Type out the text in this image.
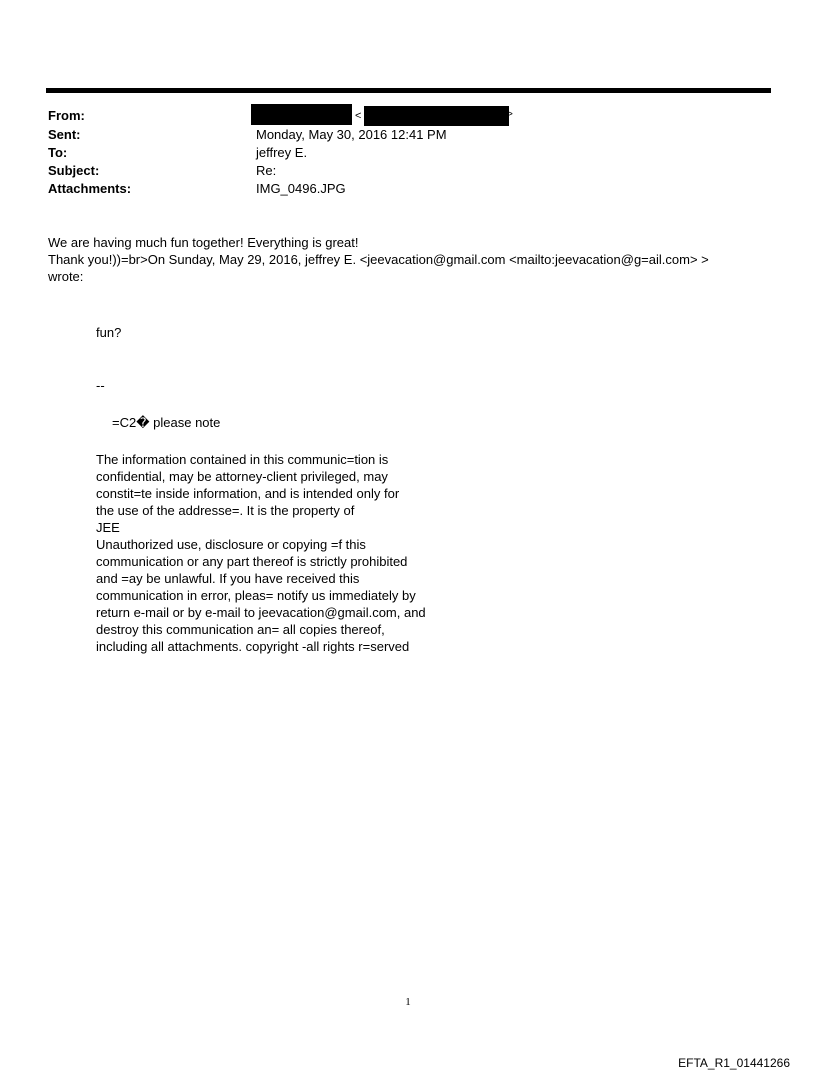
From:	<	>
Sent:	Monday, May 30, 2016 12:41 PM
To:	jeffrey E.
Subject:	Re:
Attachments:	IMG_0496.JPG
We are having much fun together! Everything is great!
Thank you!))=br>On Sunday, May 29, 2016, jeffrey E. <jeevacation@gmail.com <mailto:jeevacation@g=ail.com> >
wrote:
fun?
--
=C2� please note
The information contained in this communic=tion is
confidential, may be attorney-client privileged, may
constit=te inside information, and is intended only for
the use of the addresse=. It is the property of
JEE
Unauthorized use, disclosure or copying =f this
communication or any part thereof is strictly prohibited
and =ay be unlawful. If you have received this
communication in error, pleas= notify us immediately by
return e-mail or by e-mail to jeevacation@gmail.com, and
destroy this communication an= all copies thereof,
including all attachments. copyright -all rights r=served
1
EFTA_R1_01441266
